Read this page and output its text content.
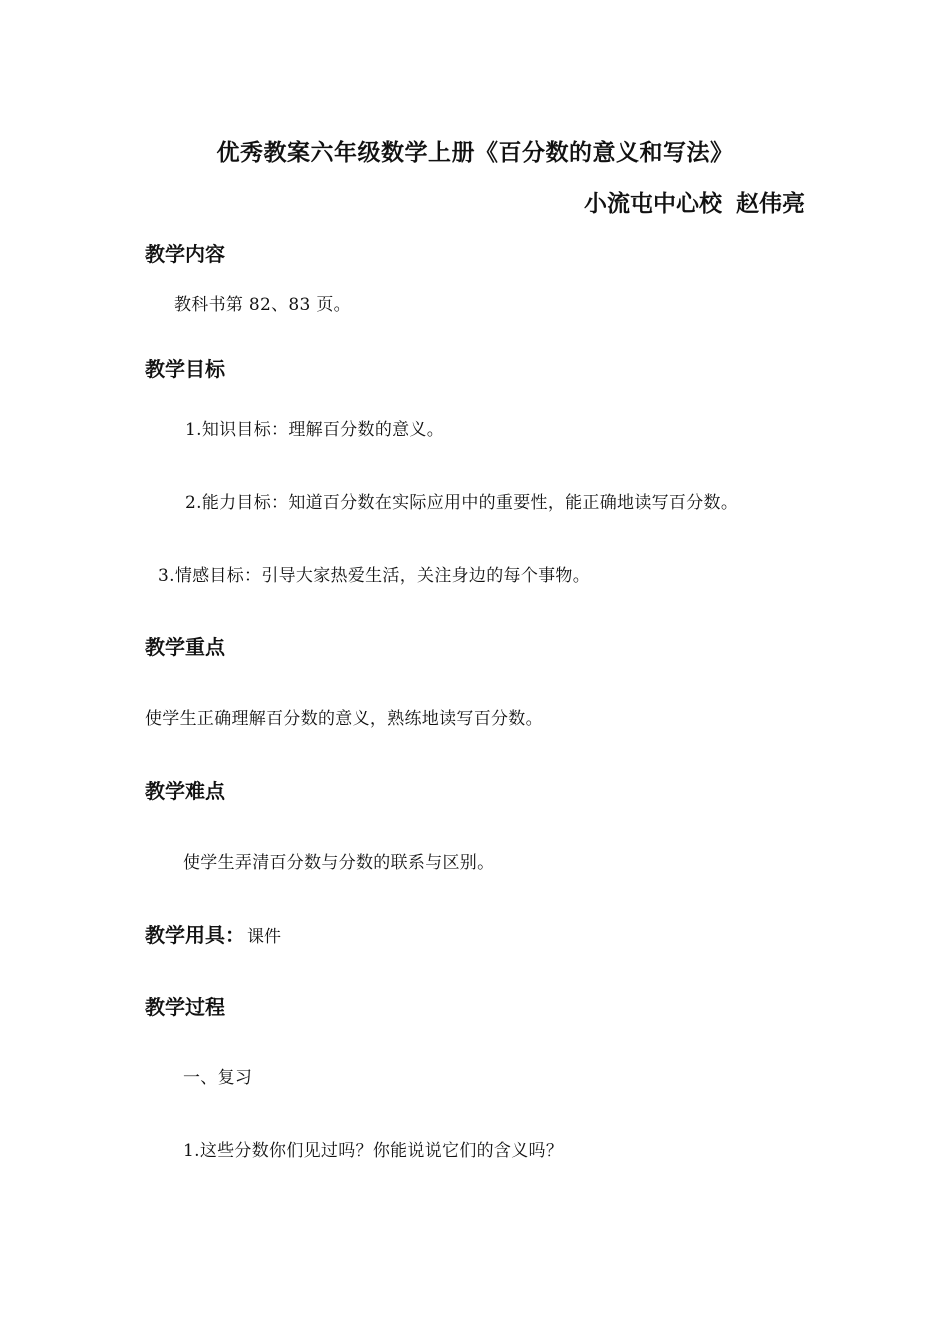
优秀教案六年级数学上册《百分数的意义和写法》
小流屯中心校 赵伟亮
教学内容
教科书第 82、83 页。
教学目标
1.知识目标：理解百分数的意义。
2.能力目标：知道百分数在实际应用中的重要性，能正确地读写百分数。
3.情感目标：引导大家热爱生活，关注身边的每个事物。
教学重点
使学生正确理解百分数的意义，熟练地读写百分数。
教学难点
使学生弄清百分数与分数的联系与区别。
教学用具： 课件
教学过程
一、复习
1.这些分数你们见过吗？你能说说它们的含义吗？
